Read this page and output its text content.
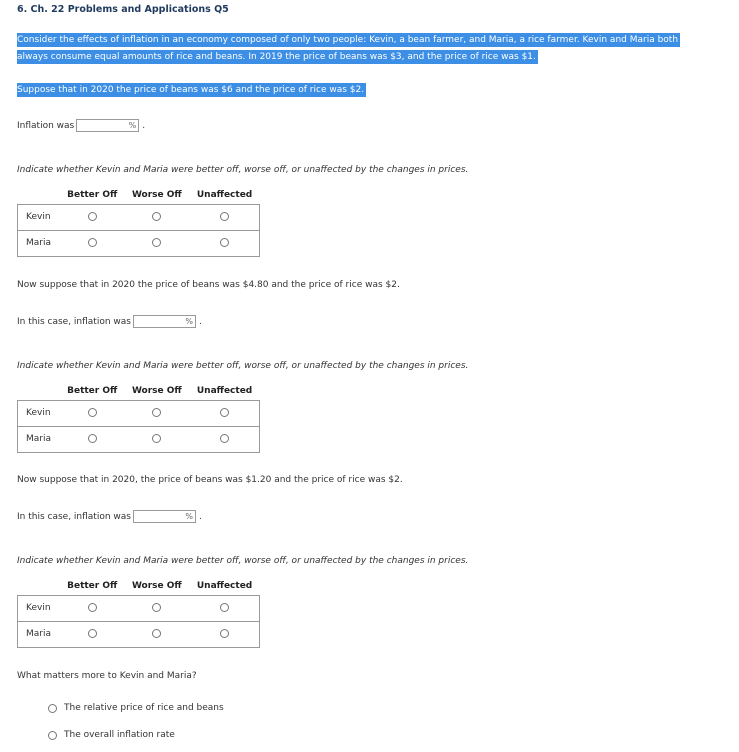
6. Ch. 22 Problems and Applications Q5
Consider the effects of inflation in an economy composed of only two people: Kevin, a bean farmer, and Maria, a rice farmer. Kevin and Maria both
always consume equal amounts of rice and beans. In 2019 the price of beans was $3, and the price of rice was $1.
Suppose that in 2020 the price of beans was $6 and the price of rice was $2.
Inflation was	% .
Indicate whether Kevin and Maria were better off, worse off, or unaffected by the changes in prices.
	Better Off	Worse Off	Unaffected
Kevin			
Maria			
Now suppose that in 2020 the price of beans was $4.80 and the price of rice was $2.
In this case, inflation was	% .
Indicate whether Kevin and Maria were better off, worse off, or unaffected by the changes in prices.
	Better Off	Worse Off	Unaffected
Kevin			
Maria			
Now suppose that in 2020, the price of beans was $1.20 and the price of rice was $2.
In this case, inflation was	% .
Indicate whether Kevin and Maria were better off, worse off, or unaffected by the changes in prices.
	Better Off	Worse Off	Unaffected
Kevin			
Maria			
What matters more to Kevin and Maria?
The relative price of rice and beans
The overall inflation rate
